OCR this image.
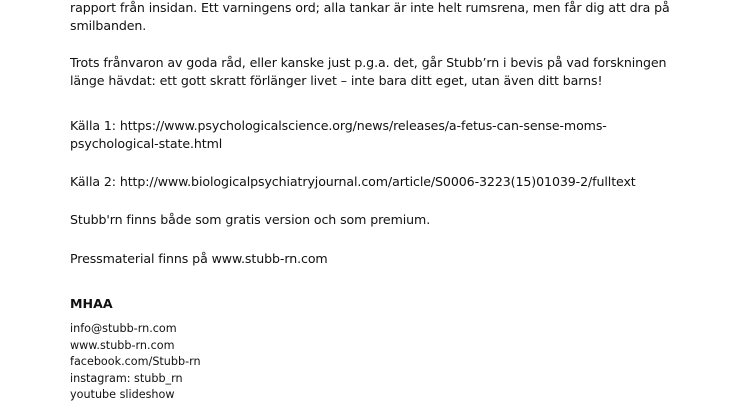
rapport från insidan. Ett varningens ord; alla tankar är inte helt rumsrena, men får dig att dra på
smilbanden.

Trots frånvaron av goda råd, eller kanske just p.g.a. det, går Stubb’rn i bevis på vad forskningen
länge hävdat: ett gott skratt förlänger livet – inte bara ditt eget, utan även ditt barns!

Källa 1: https://www.psychologicalscience.org/news/releases/a-fetus-can-sense-moms-
psychological-state.html

Källa 2: http://www.biologicalpsychiatryjournal.com/article/S0006-3223(15)01039-2/fulltext

Stubb'rn finns både som gratis version och som premium.

Pressmaterial finns på www.stubb-rn.com

MHAA

info@stubb-rn.com
www.stubb-rn.com
facebook.com/Stubb-rn
instagram: stubb_rn
youtube slideshow
